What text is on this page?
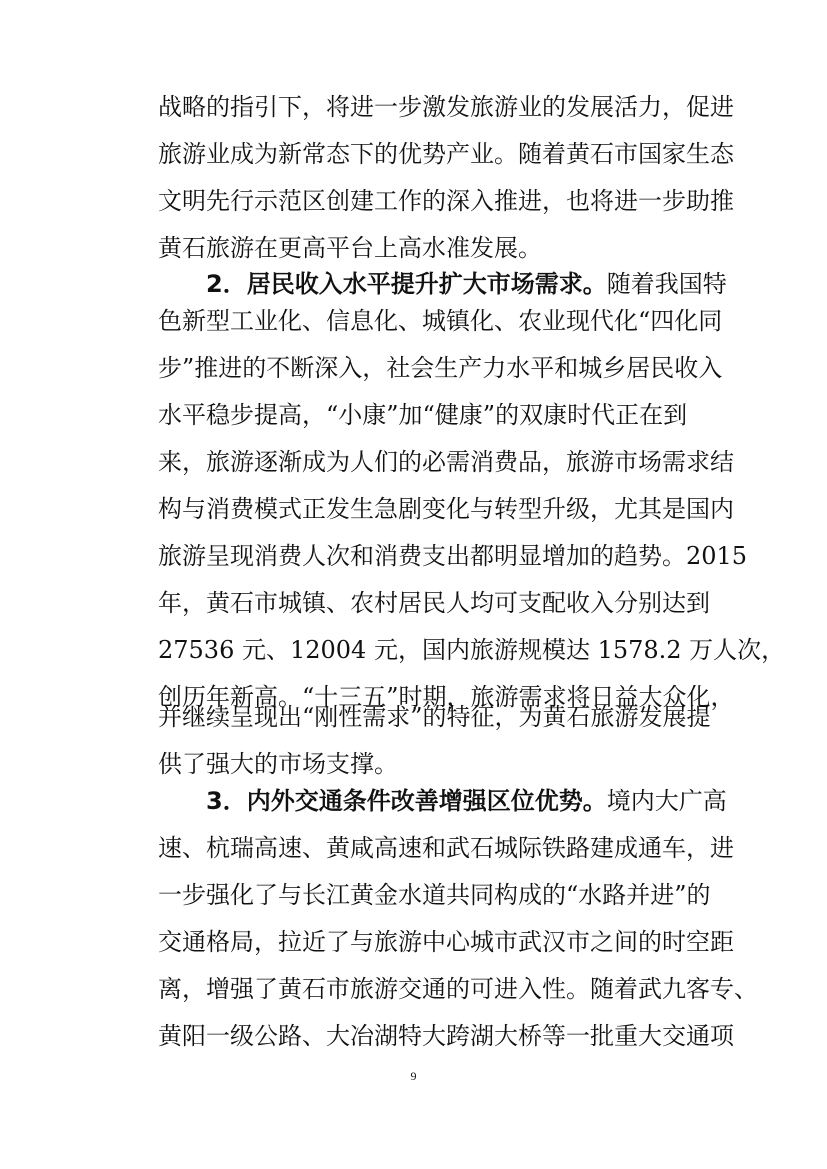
战略的指引下，将进一步激发旅游业的发展活力，促进
旅游业成为新常态下的优势产业。随着黄石市国家生态
文明先行示范区创建工作的深入推进，也将进一步助推
黄石旅游在更高平台上高水准发展。
2．居民收入水平提升扩大市场需求。随着我国特
色新型工业化、信息化、城镇化、农业现代化“四化同
步”推进的不断深入，社会生产力水平和城乡居民收入
水平稳步提高，“小康”加“健康”的双康时代正在到
来，旅游逐渐成为人们的必需消费品，旅游市场需求结
构与消费模式正发生急剧变化与转型升级，尤其是国内
旅游呈现消费人次和消费支出都明显增加的趋势。2015
年，黄石市城镇、农村居民人均可支配收入分别达到
27536 元、12004 元，国内旅游规模达 1578.2 万人次，
创历年新高。“十三五”时期，旅游需求将日益大众化，
并继续呈现出“刚性需求”的特征，为黄石旅游发展提
供了强大的市场支撑。
3．内外交通条件改善增强区位优势。境内大广高
速、杭瑞高速、黄咸高速和武石城际铁路建成通车，进
一步强化了与长江黄金水道共同构成的“水路并进”的
交通格局，拉近了与旅游中心城市武汉市之间的时空距
离，增强了黄石市旅游交通的可进入性。随着武九客专、
黄阳一级公路、大冶湖特大跨湖大桥等一批重大交通项
9
